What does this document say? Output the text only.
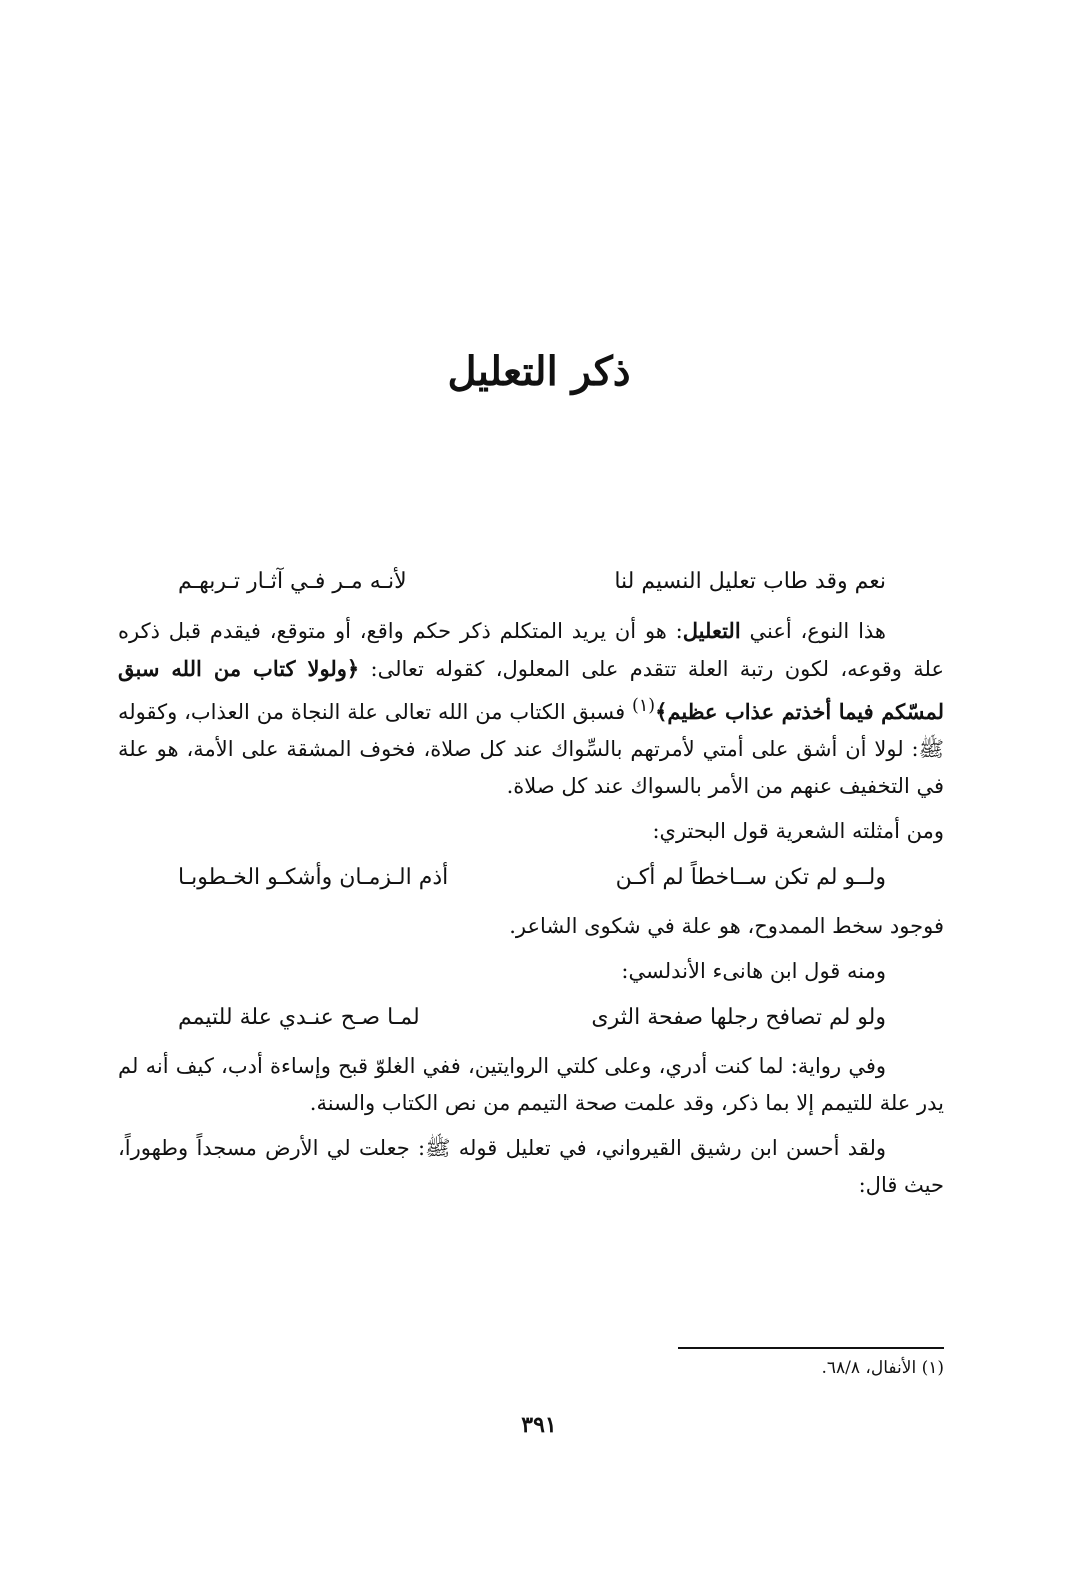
ذكر التعليل
نعم وقد طاب تعليل النسيم لنا
لأنـه مـر فـي آثـار تـربهـم

هذا النوع، أعني التعليل: هو أن يريد المتكلم ذكر حكم واقع، أو متوقع، فيقدم قبل ذكره علة وقوعه، لكون رتبة العلة تتقدم على المعلول، كقوله تعالى: ﴿ولولا كتاب من الله سبق لمسّكم فيما أخذتم عذاب عظيم﴾$^{(١)}$ فسبق الكتاب من الله تعالى علة النجاة من العذاب، وكقوله ﷺ: لولا أن أشق على أمتي لأمرتهم بالسِّواك عند كل صلاة، فخوف المشقة على الأمة، هو علة في التخفيف عنهم من الأمر بالسواك عند كل صلاة.

ومن أمثلته الشعرية قول البحتري:

ولــو لم تكن ســاخطاً لم أكـن
أذم الـزمـان وأشكـو الخـطوبـا

فوجود سخط الممدوح، هو علة في شكوى الشاعر.

ومنه قول ابن هانىء الأندلسي:

ولو لم تصافح رجلها صفحة الثرى
لمـا صـح عنـدي علة للتيمم

وفي رواية: لما كنت أدري، وعلى كلتي الروايتين، ففي الغلوّ قبح وإساءة أدب، كيف أنه لم يدر علة للتيمم إلا بما ذكر، وقد علمت صحة التيمم من نص الكتاب والسنة.

ولقد أحسن ابن رشيق القيرواني، في تعليل قوله ﷺ: جعلت لي الأرض مسجداً وطهوراً، حيث قال:

(١) الأنفال، ٦٨/٨.
٣٩١
